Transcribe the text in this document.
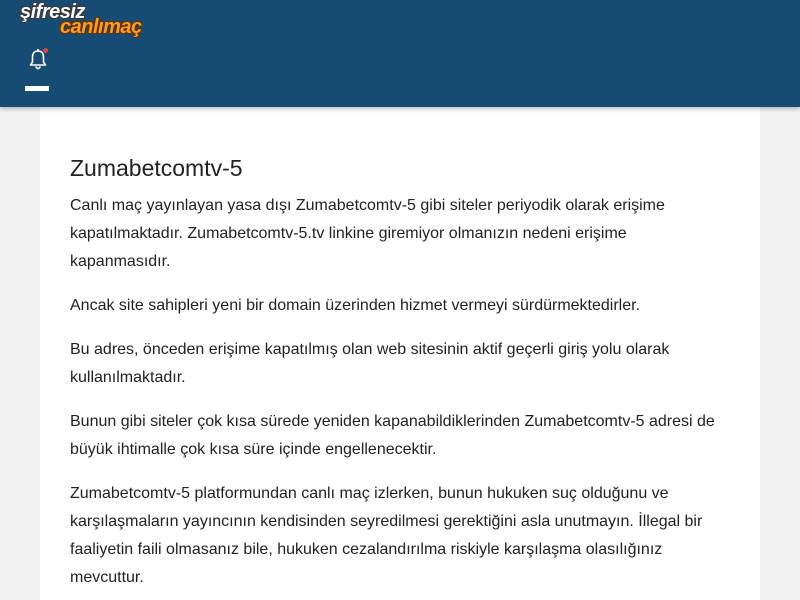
şifresiz
canlımaç
Zumabetcomtv-5

Canlı maç yayınlayan yasa dışı Zumabetcomtv-5 gibi siteler periyodik olarak erişime kapatılmaktadır. Zumabetcomtv-5.tv linkine giremiyor olmanızın nedeni erişime kapanmasıdır.

Ancak site sahipleri yeni bir domain üzerinden hizmet vermeyi sürdürmektedirler.

Bu adres, önceden erişime kapatılmış olan web sitesinin aktif geçerli giriş yolu olarak kullanılmaktadır.

Bunun gibi siteler çok kısa sürede yeniden kapanabildiklerinden Zumabetcomtv-5 adresi de büyük ihtimalle çok kısa süre içinde engellenecektir.

Zumabetcomtv-5 platformundan canlı maç izlerken, bunun hukuken suç olduğunu ve karşılaşmaların yayıncının kendisinden seyredilmesi gerektiğini asla unutmayın. İllegal bir faaliyetin faili olmasanız bile, hukuken cezalandırılma riskiyle karşılaşma olasılığınız mevcuttur.
